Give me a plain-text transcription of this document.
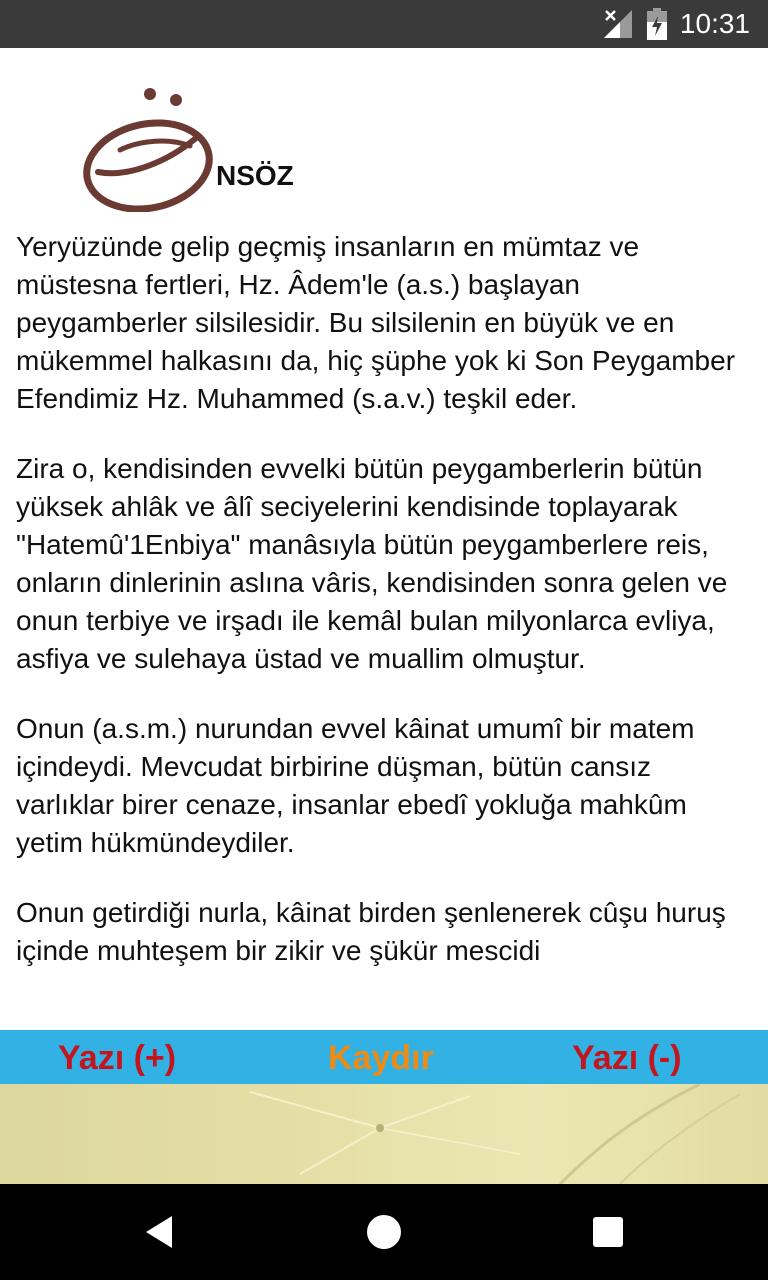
10:31
NSÖZ

Yeryüzünde gelip geçmiş insanların en mümtaz ve müstesna fertleri, Hz. Âdem'le (a.s.) başlayan peygamberler silsilesidir. Bu silsilenin en büyük ve en mükemmel halkasını da, hiç şüphe yok ki Son Peygamber Efendimiz Hz. Muhammed (s.a.v.) teşkil eder.

Zira o, kendisinden evvelki bütün peygamberlerin bütün yüksek ahlâk ve âlî seciyelerini kendisinde toplayarak "Hatemû'1Enbiya" manâsıyla bütün peygamberlere reis, onların dinlerinin aslına vâris, kendisinden sonra gelen ve onun terbiye ve irşadı ile kemâl bulan milyonlarca evliya, asfiya ve sulehaya üstad ve muallim olmuştur.

Onun (a.s.m.) nurundan evvel kâinat umumî bir matem içindeydi. Mevcudat birbirine düşman, bütün cansız varlıklar birer cenaze, insanlar ebedî yokluğa mahkûm yetim hükmündeydiler.

Onun getirdiği nurla, kâinat birden şenlenerek cûşu huruş içinde muhteşem bir zikir ve şükür mescidi

Yazı (+)	Kaydır	Yazı (-)
